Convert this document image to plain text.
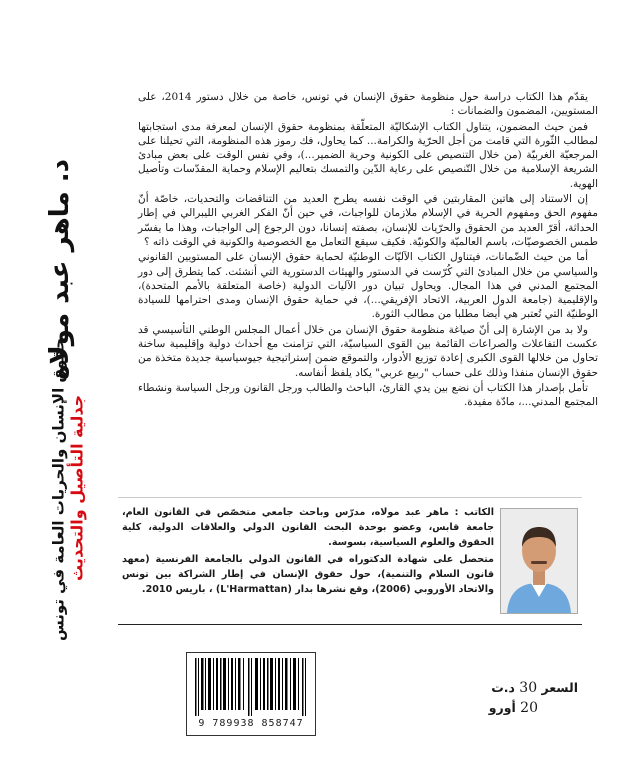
د. ماهر عبد مولاه
حقوق الإنسان والحريات العامة في تونس جدلية التأصيل والتحديث

يقدّم هذا الكتاب دراسة حول منظومة حقوق الإنسان في تونس، خاصة من خلال دستور 2014، على المستويين، المضمون والضمانات :

فمن حيث المضمون، يتناول الكتاب الإشكاليّة المتعلّقة بمنظومة حقوق الإنسان لمعرفة مدى استجابتها لمطالب الثّورة التي قامت من أجل الحرّية والكرامة... كما يحاول، فك رموز هذه المنظومة، التي تحيلنا على المرجعيّة الغربيّة (من خلال التنصيص على الكونية وحرية الضمير...)، وفي نفس الوقت على بعض مبادئ الشريعة الإسلامية من خلال التّنصيص على رعاية الدّين والتمسك بتعاليم الإسلام وحماية المقدّسات وتأصيل الهوية.

إن الاستناد إلى هاتين المقاربتين في الوقت نفسه يطرح العديد من التناقضات والتحديات، خاصّة أنّ مفهوم الحق ومفهوم الحرية في الإسلام ملازمان للواجبات، في حين أنّ الفكر الغربي الليبرالي في إطار الحداثة، أقرّ العديد من الحقوق والحرّيات للإنسان، بصفته إنسانا، دون الرجوع إلى الواجبات، وهذا ما يفسّر طمس الخصوصيّات، باسم العالميّة والكونيّة. فكيف سيقع التعامل مع الخصوصية والكونية في الوقت ذاته ؟

أما من حيث الضّمانات، فيتناول الكتاب الآليّات الوطنيّة لحماية حقوق الإنسان على المستويين القانوني والسياسي من خلال المبادئ التي كُرّست في الدستور والهيئات الدستورية التي أنشئت. كما يتطرق إلى دور المجتمع المدني في هذا المجال. ويحاول تبيان دور الآليات الدولية (خاصة المتعلقة بالأمم المتحدة)، والإقليمية (جامعة الدول العربية، الاتحاد الإفريقي...)، في حماية حقوق الإنسان ومدى احترامها للسيادة الوطنيّة التي تُعتبر هي أيضا مطلبا من مطالب الثورة.

ولا بد من الإشارة إلى أنّ صياغة منظومة حقوق الإنسان من خلال أعمال المجلس الوطني التأسيسي قد عكست التفاعلات والصراعات القائمة بين القوى السياسيّة، التي تزامنت مع أحداث دولية وإقليمية ساخنة تحاول من خلالها القوى الكبرى إعادة توزيع الأدوار، والتموقع ضمن إستراتيجية جيوسياسية جديدة متخذة من حقوق الإنسان منفذا وذلك على حساب "ربيع عربي" يكاد يلفظ أنفاسه.

تأمل بإصدار هذا الكتاب أن نضع بين يدي القارئ، الباحث والطالب ورجل القانون ورجل السياسة ونشطاء المجتمع المدني...، مادّة مفيدة.

الكاتب : ماهر عبد مولاه، مدرّس وباحث جامعي متخصّص في القانون العام، جامعة قابس، وعضو بوحدة البحث القانون الدولي والعلاقات الدولية، كلية الحقوق والعلوم السياسية، بسوسة.

متحصل على شهادة الدكتوراه في القانون الدولي بالجامعة الفرنسية (معهد قانون السلام والتنمية)، حول حقوق الإنسان في إطار الشراكة بين تونس والاتحاد الأوروبي (2006)، وقع نشرها بدار (L'Harmattan) ، باريس 2010.

9 789938 858747
السعر 30 د.ت
20 أورو
